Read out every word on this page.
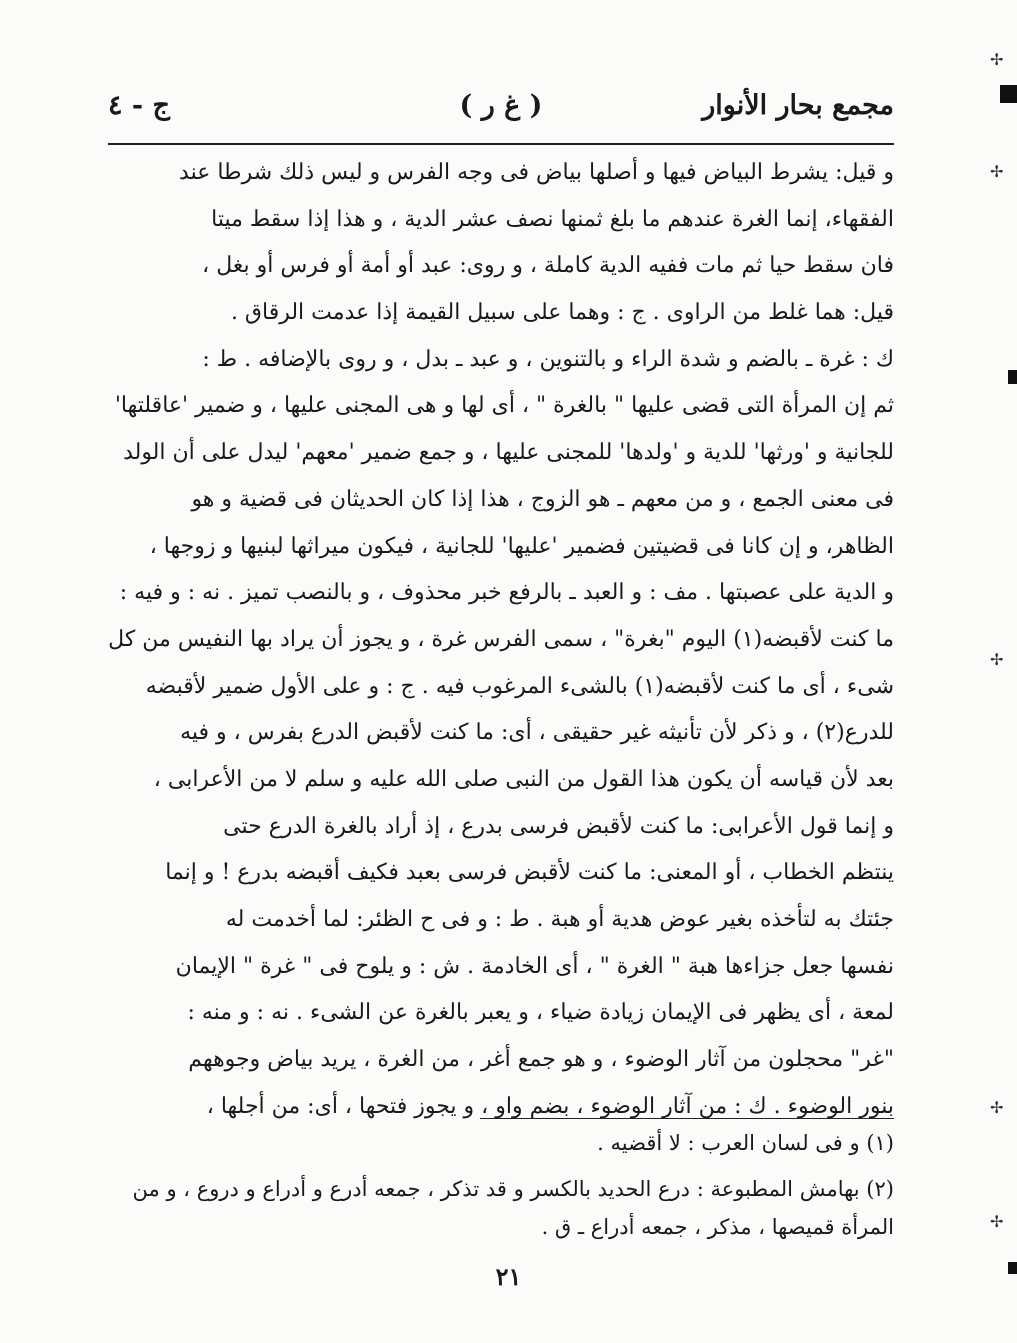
مجمع بحار الأنوار
( غ ر )
ج - ٤
و قيل: يشرط البياض فيها و أصلها بياض فى وجه الفرس و ليس ذلك شرطا عند
الفقهاء، إنما الغرة عندهم ما بلغ ثمنها نصف عشر الدية ، و هذا إذا سقط ميتا
فان سقط حيا ثم مات ففيه الدية كاملة ، و روى: عبد أو أمة أو فرس أو بغل ،
قيل: هما غلط من الراوى . ج : وهما على سبيل القيمة إذا عدمت الرقاق .
ك : غرة ـ بالضم و شدة الراء و بالتنوين ، و عبد ـ بدل ، و روى بالإضافه . ط :
ثم إن المرأة التى قضى عليها " بالغرة " ، أى لها و هى المجنى عليها ، و ضمير 'عاقلتها'
للجانية و 'ورثها' للدية و 'ولدها' للمجنى عليها ، و جمع ضمير 'معهم' ليدل على أن الولد
فى معنى الجمع ، و من معهم ـ هو الزوج ، هذا إذا كان الحديثان فى قضية و هو
الظاهر، و إن كانا فى قضيتين فضمير 'عليها' للجانية ، فيكون ميراثها لبنيها و زوجها ،
و الدية على عصبتها . مف : و العبد ـ بالرفع خبر محذوف ، و بالنصب تميز . نه : و فيه :
ما كنت لأقبضه(١) اليوم "بغرة" ، سمى الفرس غرة ، و يجوز أن يراد بها النفيس من كل
شىء ، أى ما كنت لأقبضه(١) بالشىء المرغوب فيه . ج : و على الأول ضمير لأقبضه
للدرع(٢) ، و ذكر لأن تأنيثه غير حقيقى ، أى: ما كنت لأقبض الدرع بفرس ، و فيه
بعد لأن قياسه أن يكون هذا القول من النبى صلى الله عليه و سلم لا من الأعرابى ،
و إنما قول الأعرابى: ما كنت لأقبض فرسى بدرع ، إذ أراد بالغرة الدرع حتى
ينتظم الخطاب ، أو المعنى: ما كنت لأقبض فرسى بعبد فكيف أقبضه بدرع ! و إنما
جئتك به لتأخذه بغير عوض هدية أو هبة . ط : و فى ح الظئر: لما أخدمت له
نفسها جعل جزاءها هبة " الغرة " ، أى الخادمة . ش : و يلوح فى " غرة " الإيمان
لمعة ، أى يظهر فى الإيمان زيادة ضياء ، و يعبر بالغرة عن الشىء . نه : و منه :
"غر" محجلون من آثار الوضوء ، و هو جمع أغر ، من الغرة ، يريد بياض وجوههم
بنور الوضوء . ك : من آثار الوضوء ، بضم واو ، و يجوز فتحها ، أى: من أجلها ،
(١) و فى لسان العرب : لا أقضيه .
(٢) بهامش المطبوعة : درع الحديد بالكسر و قد تذكر ، جمعه أدرع و أدراع و دروع ، و من
المرأة قميصها ، مذكر ، جمعه أدراع ـ ق .
٢١
✢
✢
✢
✢
✢
